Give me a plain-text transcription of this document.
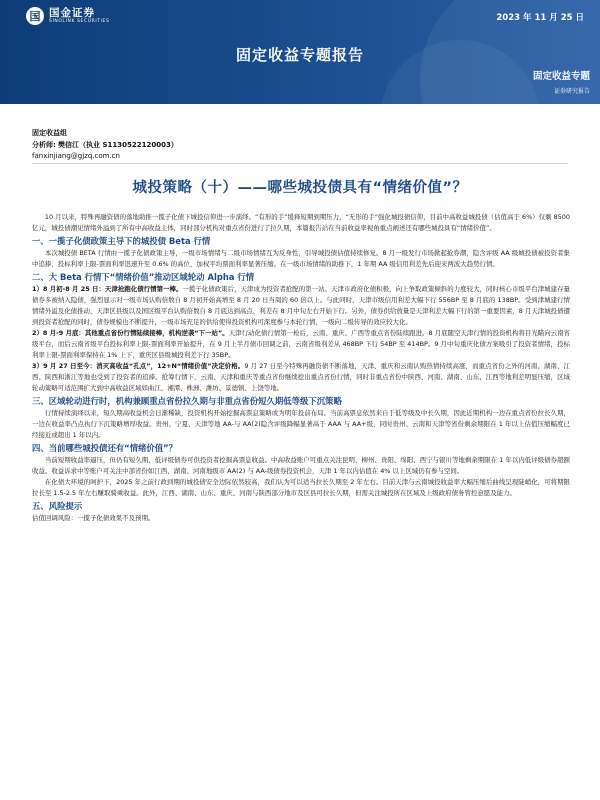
国 国金证券
SINOLINK SECURITIES	2023 年 11 月 25 日
固定收益专题报告
固定收益专题
证券研究报告
固定收益组
分析师: 樊信江（执业 S1130522120003）
fanxinjiang@gjzq.com.cn
城投策略（十）——哪些城投债具有“情绪价值”？

10 月以来，特殊再融资债的落地助推一揽子化债下城投信仰进一步演绎。“有形的手”缓释短期到期压力，“无形的手”强化城投债信仰，目前中高收益城投债（估值高于 6%）仅剩 8500 亿元，城投债潮见情绪外溢到了所有中高收益主体，同时部分机构对重点省份进行了拉久期，本篇报告站在当前收益率视角重点阐述还有哪些城投具有“情绪价值”。

一、一揽子化债政策主导下的城投债 Beta 行情

本次城投债 BETA 行情由一揽子化债政策主导，一级市场情绪与二级市场情绪互为反身性，引导城投债估值持续修复。8 月一级发行市场掀起抢券潮，隐含评级 AA 级城投债被投资者集中追捧，投标利率上限-票面利率迅速升至 0.6% 的高位，加权平均票面利率显著压缩。在一级市场情绪的助推下，1 年期 AA 级信用利差先后迎来两波大趋势行情。

二、大 Beta 行情下“情绪价值”推动区域轮动 Alpha 行情

1）8 月初-8 月 25 日：天津抢跑化债行情第一棒。一揽子化债政策后，天津成为投资者抢配的第一站。天津市政府化债积极，向上争取政策倾斜的力度较大，同时核心市级平台津城建存量债券多被纳入隐债，强烈显示对一级市场认购倍数自 8 月初开始高增至 8 月 20 日当周的 60 倍以上。与此同时，天津市级信用利差大幅下行 556BP 至 8 月底的 138BP。受到津城建行情情绪外溢及化债推动，天津区县级以及国区级平台认购倍数自 8 月底达到高点，利差在 8 月中旬左右开始下行。另外，债券供给放量是天津利差大幅下行的第一重要因素，8 月天津城投债遭到投资者抢配的同时，债券规模也不断提升，一级市场充足的供给使得投资机构可深度参与本轮行情，一级向二级传导的效应较大化。

2）8 月-9 月底：其他重点省份行情陆续接棒，机构逆袭“下一站”。天津行动化债行情第一枪后，云南、重庆、广西等重点省份陆续跟进。8 月底随空天津行情的投资机构将目光瞄向云南省级平台，而后云南省级平台投标利率上限-票面利率开始提升，在 9 月上半月债市回调之前，云南省级利差从 468BP 下行 54BP 至 414BP。9 月中旬重庆化债方案吸引了投资者情绪，投标利率上限-票面利率保持在 1% 上下，重庆区县级城投利差下行 35BP。

3）9 月 27 日至今：消灭高收益“孔点”，12+N“情绪价值”决定价格。9 月 27 日至今特殊再融资债不断落地，天津、重庆和云南认购热情持续高涨，而重点省份之外的河南、湖南、江西、陕西和浙江等地也受到了投资者的追捧。抢筹行情下，云南、天津和重庆等重点省份继续挖出重点省份行情，同时非重点省份中陕西、河南、湖南、山东、江西等地利差明显压缩，区域轮动策略可适范围扩大到中高收益区域如曲江、湘潭、株洲、潍坊、景德镇、上饶等地。

三、区域轮动进行时，机构兼顾重点省份拉久期与非重点省份短久期低等级下沉策略

行情持续演绎以来，短久期高收益机会日渐稀缺，投资机构开始挖掘高票息策略或为明年投前布局。当前高票息依然来自于低等级及中长久期，因此近期机构一边在重点省份拉长久期，一边在收益率凸点执行下沉策略增厚收益。贵州、宁夏、天津等地 AA-与 AA(2)隐含评级降幅显著高于 AAA 与 AA+级，同时贵州、云南和天津等省份剩余期限在 1 年以上估值压缩幅度已经接近或超出 1 年以内。

四、当前哪些城投债还有“情绪价值”？

当前短期收益率逼压，但仍有短久期、低评级债券可供投资者挖掘高票息收益。中高收益账户可重点关注昆明、柳州、贵阳、绵阳、西宁与银川等地剩余期限在 1 年以内低评级债券超额收益。收益诉求中等账户可关注中部省份如江西、湖南、河南地级市 AA(2) 与 AA-级债券投资机会，天津 1 年以内估值在 4% 以上区域仍有参与空间。

在化债大环境的呵护下，2025 年之前行政到期的城投债安全边际依然较高，我们认为可以适当拉长久期至 2 年左右。目前天津与云南城投收益率大幅压缩后曲线呈现陡峭化，可将期限拉长至 1.5-2.5 年左右赚取骑乘收益。此外，江西、湖南、山东、重庆、河南与陕西部分地市及区县可拉长久期，但需关注城投所在区域及上级政府债务管控意愿及能力。

五、风险提示

估值回调风险：一揽子化债效果不及预期。
